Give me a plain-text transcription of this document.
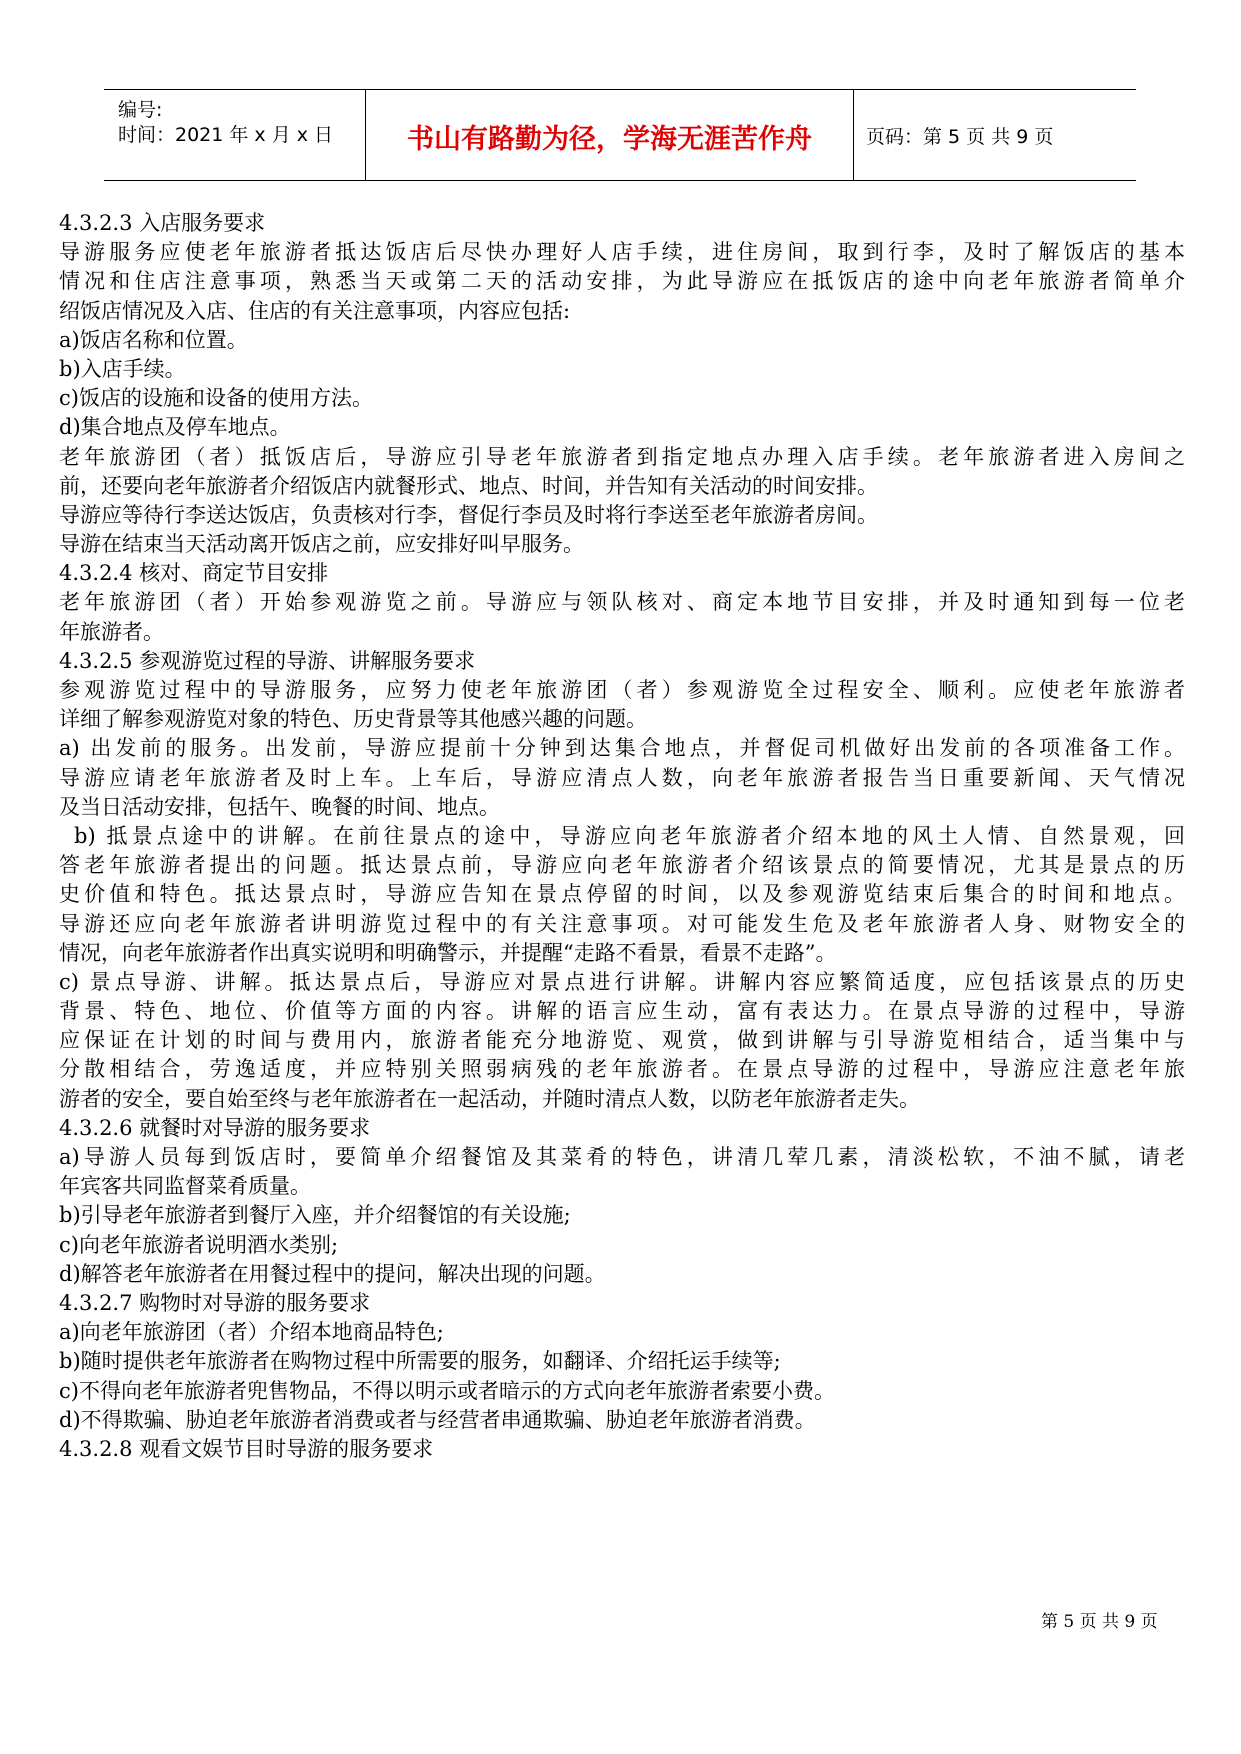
编号:
时间：2021 年 x 月 x 日	书山有路勤为径，学海无涯苦作舟	页码：第 5 页 共 9 页
4.3.2.3 入店服务要求
导游服务应使老年旅游者抵达饭店后尽快办理好人店手续，进住房间，取到行李，及时了解饭店的基本
情况和住店注意事项，熟悉当天或第二天的活动安排，为此导游应在抵饭店的途中向老年旅游者简单介
绍饭店情况及入店、住店的有关注意事项，内容应包括:
a)饭店名称和位置。
b)入店手续。
c)饭店的设施和设备的使用方法。
d)集合地点及停车地点。
老年旅游团（者）抵饭店后，导游应引导老年旅游者到指定地点办理入店手续。老年旅游者进入房间之
前，还要向老年旅游者介绍饭店内就餐形式、地点、时间，并告知有关活动的时间安排。
导游应等待行李送达饭店，负责核对行李，督促行李员及时将行李送至老年旅游者房间。
导游在结束当天活动离开饭店之前，应安排好叫早服务。
4.3.2.4 核对、商定节目安排
老年旅游团（者）开始参观游览之前。导游应与领队核对、商定本地节目安排，并及时通知到每一位老
年旅游者。
4.3.2.5 参观游览过程的导游、讲解服务要求
参观游览过程中的导游服务，应努力使老年旅游团（者）参观游览全过程安全、顺利。应使老年旅游者
详细了解参观游览对象的特色、历史背景等其他感兴趣的问题。
a) 出发前的服务。出发前，导游应提前十分钟到达集合地点，并督促司机做好出发前的各项准备工作。
导游应请老年旅游者及时上车。上车后，导游应清点人数，向老年旅游者报告当日重要新闻、天气情况
及当日活动安排，包括午、晚餐的时间、地点。
b) 抵景点途中的讲解。在前往景点的途中，导游应向老年旅游者介绍本地的风土人情、自然景观，回
答老年旅游者提出的问题。抵达景点前，导游应向老年旅游者介绍该景点的简要情况，尤其是景点的历
史价值和特色。抵达景点时，导游应告知在景点停留的时间，以及参观游览结束后集合的时间和地点。
导游还应向老年旅游者讲明游览过程中的有关注意事项。对可能发生危及老年旅游者人身、财物安全的
情况，向老年旅游者作出真实说明和明确警示，并提醒“走路不看景，看景不走路”。
c) 景点导游、讲解。抵达景点后，导游应对景点进行讲解。讲解内容应繁简适度，应包括该景点的历史
背景、特色、地位、价值等方面的内容。讲解的语言应生动，富有表达力。在景点导游的过程中，导游
应保证在计划的时间与费用内，旅游者能充分地游览、观赏，做到讲解与引导游览相结合，适当集中与
分散相结合，劳逸适度，并应特别关照弱病残的老年旅游者。在景点导游的过程中，导游应注意老年旅
游者的安全，要自始至终与老年旅游者在一起活动，并随时清点人数，以防老年旅游者走失。
4.3.2.6 就餐时对导游的服务要求
a)导游人员每到饭店时，要简单介绍餐馆及其菜肴的特色，讲清几荤几素，清淡松软，不油不腻，请老
年宾客共同监督菜肴质量。
b)引导老年旅游者到餐厅入座，并介绍餐馆的有关设施;
c)向老年旅游者说明酒水类别;
d)解答老年旅游者在用餐过程中的提问，解决出现的问题。
4.3.2.7 购物时对导游的服务要求
a)向老年旅游团（者）介绍本地商品特色;
b)随时提供老年旅游者在购物过程中所需要的服务，如翻译、介绍托运手续等;
c)不得向老年旅游者兜售物品，不得以明示或者暗示的方式向老年旅游者索要小费。
d)不得欺骗、胁迫老年旅游者消费或者与经营者串通欺骗、胁迫老年旅游者消费。
4.3.2.8 观看文娱节目时导游的服务要求
第 5 页 共 9 页
